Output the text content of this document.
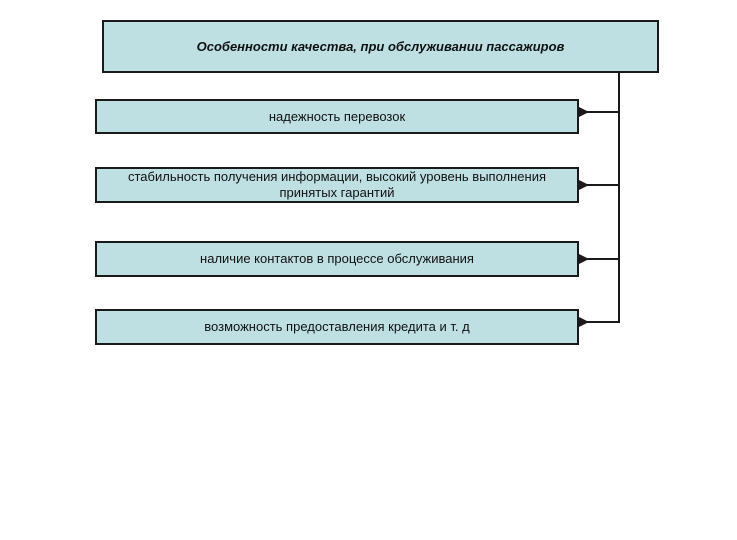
Особенности качества, при обслуживании пассажиров
надежность перевозок
стабильность получения информации, высокий уровень выполнения принятых гарантий
наличие контактов в процессе обслуживания
возможность предоставления кредита и т. д
